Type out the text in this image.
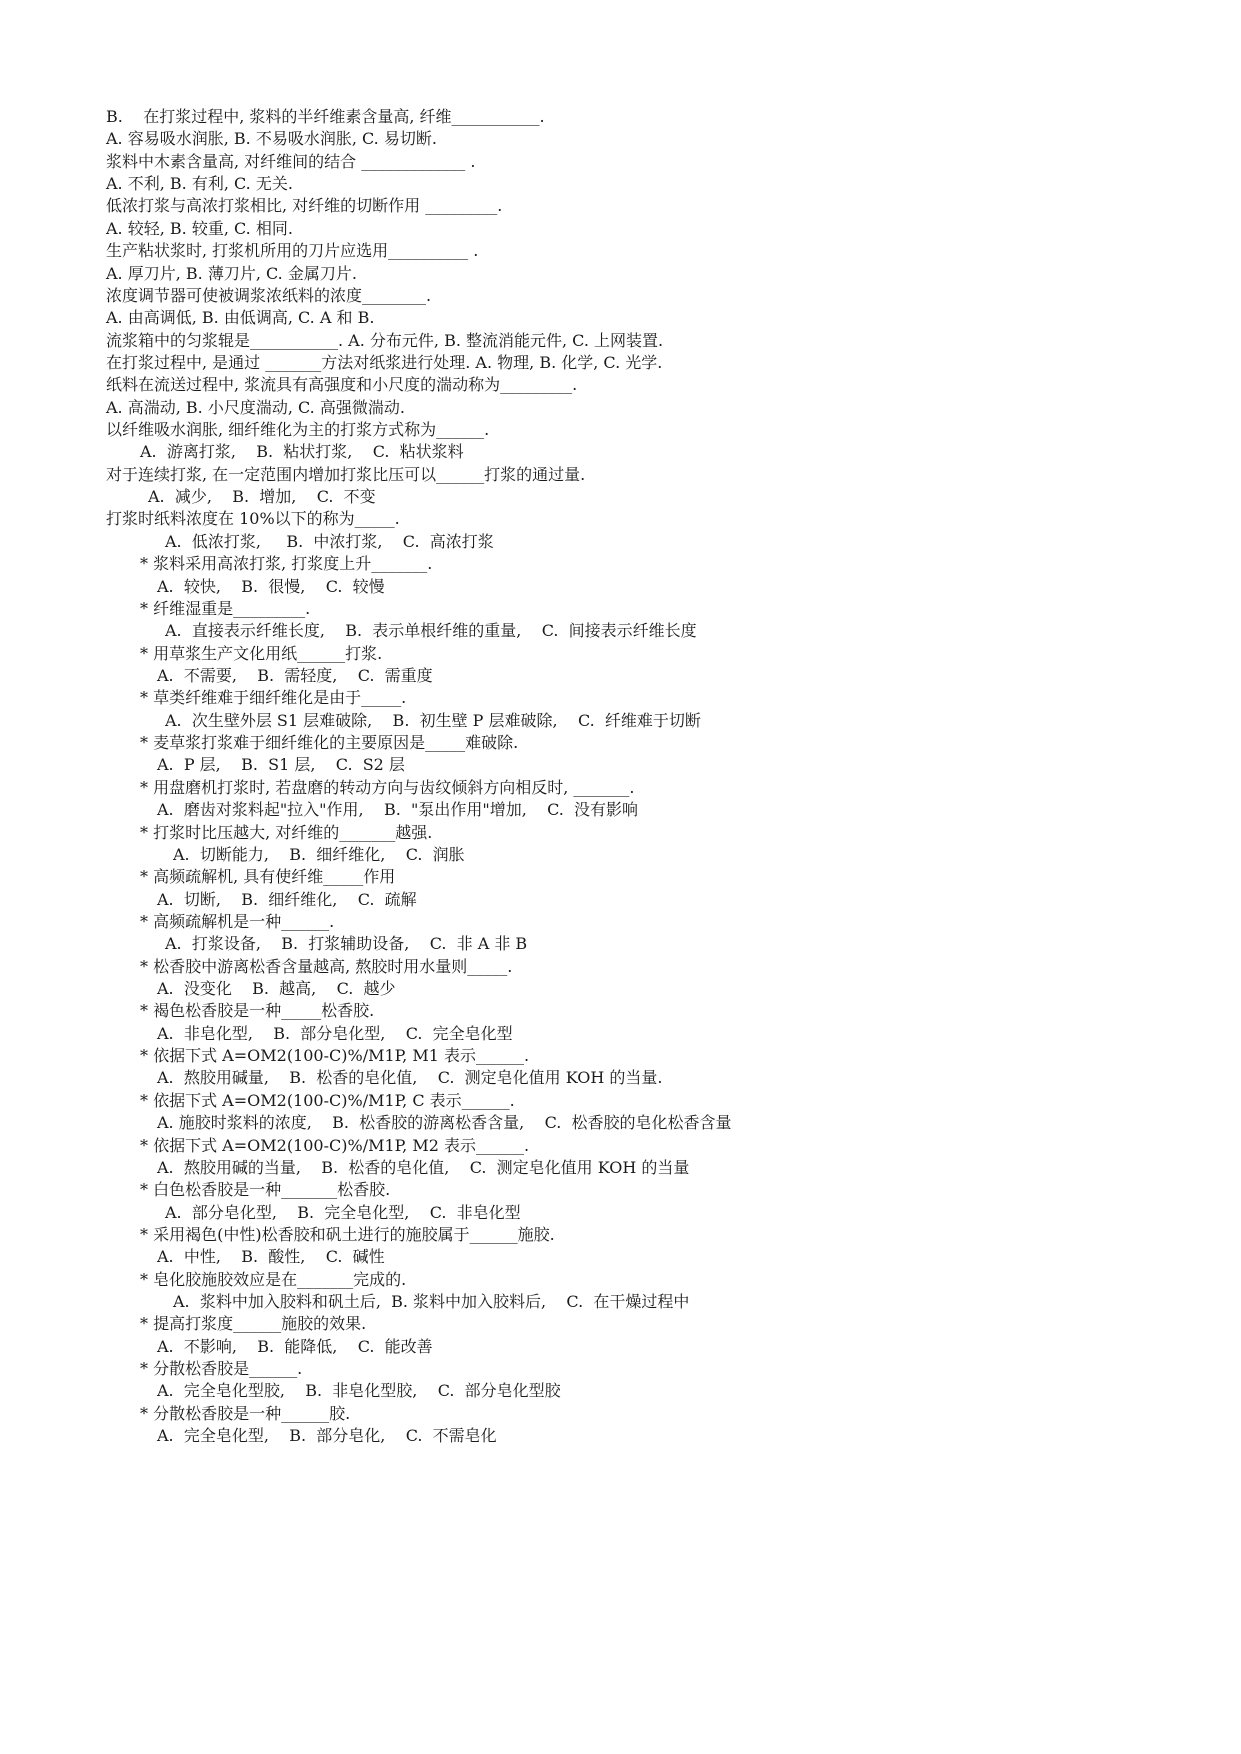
B.    在打浆过程中, 浆料的半纤维素含量高, 纤维___________.
A. 容易吸水润胀, B. 不易吸水润胀, C. 易切断.
浆料中木素含量高, 对纤维间的结合 _____________ .
A. 不利, B. 有利, C. 无关.
低浓打浆与高浓打浆相比, 对纤维的切断作用 _________.
A. 较轻, B. 较重, C. 相同.
生产粘状浆时, 打浆机所用的刀片应选用__________ .
A. 厚刀片, B. 薄刀片, C. 金属刀片.
浓度调节器可使被调浆浓纸料的浓度________.
A. 由高调低, B. 由低调高, C. A 和 B.
流浆箱中的匀浆辊是___________. A. 分布元件, B. 整流消能元件, C. 上网装置.
在打浆过程中, 是通过 _______方法对纸浆进行处理. A. 物理, B. 化学, C. 光学.
纸料在流送过程中, 浆流具有高强度和小尺度的湍动称为_________.
A. 高湍动, B. 小尺度湍动, C. 高强微湍动.
以纤维吸水润胀, 细纤维化为主的打浆方式称为______.
A.  游离打浆,    B.  粘状打浆,    C.  粘状浆料
对于连续打浆, 在一定范围内增加打浆比压可以______打浆的通过量.
A.  减少,    B.  增加,    C.  不变
打浆时纸料浓度在 10%以下的称为_____.
A.  低浓打浆,     B.  中浓打浆,    C.  高浓打浆
* 浆料采用高浓打浆, 打浆度上升_______.
A.  较快,    B.  很慢,    C.  较慢
* 纤维湿重是_________.
A.  直接表示纤维长度,    B.  表示单根纤维的重量,    C.  间接表示纤维长度
* 用草浆生产文化用纸______打浆.
A.  不需要,    B.  需轻度,    C.  需重度
* 草类纤维难于细纤维化是由于_____.
A.  次生壁外层 S1 层难破除,    B.  初生壁 P 层难破除,    C.  纤维难于切断
* 麦草浆打浆难于细纤维化的主要原因是_____难破除.
A.  P 层,    B.  S1 层,    C.  S2 层
* 用盘磨机打浆时, 若盘磨的转动方向与齿纹倾斜方向相反时, _______.
A.  磨齿对浆料起"拉入"作用,    B.  "泵出作用"增加,    C.  没有影响
* 打浆时比压越大, 对纤维的_______越强.
A.  切断能力,    B.  细纤维化,    C.  润胀
* 高频疏解机, 具有使纤维_____作用
A.  切断,    B.  细纤维化,    C.  疏解
* 高频疏解机是一种______.
A.  打浆设备,    B.  打浆辅助设备,    C.  非 A 非 B
* 松香胶中游离松香含量越高, 熬胶时用水量则_____.
A.  没变化    B.  越高,    C.  越少
* 褐色松香胶是一种_____松香胶.
A.  非皂化型,    B.  部分皂化型,    C.  完全皂化型
* 依据下式 A=OM2(100-C)%/M1P, M1 表示______.
A.  熬胶用碱量,    B.  松香的皂化值,    C.  测定皂化值用 KOH 的当量.
* 依据下式 A=OM2(100-C)%/M1P, C 表示______.
A. 施胶时浆料的浓度,    B.  松香胶的游离松香含量,    C.  松香胶的皂化松香含量
* 依据下式 A=OM2(100-C)%/M1P, M2 表示______.
A.  熬胶用碱的当量,    B.  松香的皂化值,    C.  测定皂化值用 KOH 的当量
* 白色松香胶是一种_______松香胶.
A.  部分皂化型,    B.  完全皂化型,    C.  非皂化型
* 采用褐色(中性)松香胶和矾土进行的施胶属于______施胶.
A.  中性,    B.  酸性,    C.  碱性
* 皂化胶施胶效应是在_______完成的.
A.  浆料中加入胶料和矾土后,  B. 浆料中加入胶料后,    C.  在干燥过程中
* 提高打浆度______施胶的效果.
A.  不影响,    B.  能降低,    C.  能改善
* 分散松香胶是______.
A.  完全皂化型胶,    B.  非皂化型胶,    C.  部分皂化型胶
* 分散松香胶是一种______胶.
A.  完全皂化型,    B.  部分皂化,    C.  不需皂化
